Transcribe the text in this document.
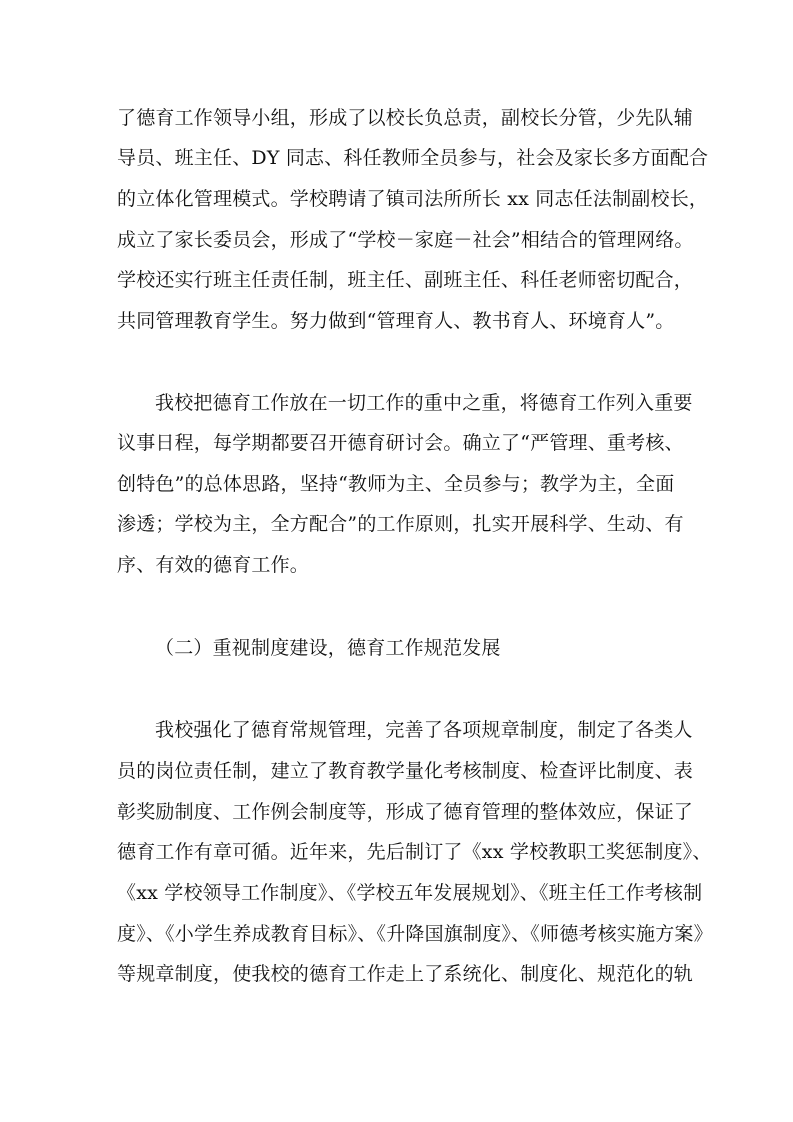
了德育工作领导小组，形成了以校长负总责，副校长分管，少先队辅
导员、班主任、DY 同志、科任教师全员参与，社会及家长多方面配合
的立体化管理模式。学校聘请了镇司法所所长 xx 同志任法制副校长，
成立了家长委员会，形成了“学校－家庭－社会”相结合的管理网络。
学校还实行班主任责任制，班主任、副班主任、科任老师密切配合，
共同管理教育学生。努力做到“管理育人、教书育人、环境育人”。
我校把德育工作放在一切工作的重中之重，将德育工作列入重要
议事日程，每学期都要召开德育研讨会。确立了“严管理、重考核、
创特色”的总体思路，坚持“教师为主、全员参与；教学为主，全面
渗透；学校为主，全方配合”的工作原则，扎实开展科学、生动、有
序、有效的德育工作。
（二）重视制度建设，德育工作规范发展
我校强化了德育常规管理，完善了各项规章制度，制定了各类人
员的岗位责任制，建立了教育教学量化考核制度、检查评比制度、表
彰奖励制度、工作例会制度等，形成了德育管理的整体效应，保证了
德育工作有章可循。近年来，先后制订了《xx 学校教职工奖惩制度》、
《xx 学校领导工作制度》、《学校五年发展规划》、《班主任工作考核制
度》、《小学生养成教育目标》、《升降国旗制度》、《师德考核实施方案》
等规章制度，使我校的德育工作走上了系统化、制度化、规范化的轨
